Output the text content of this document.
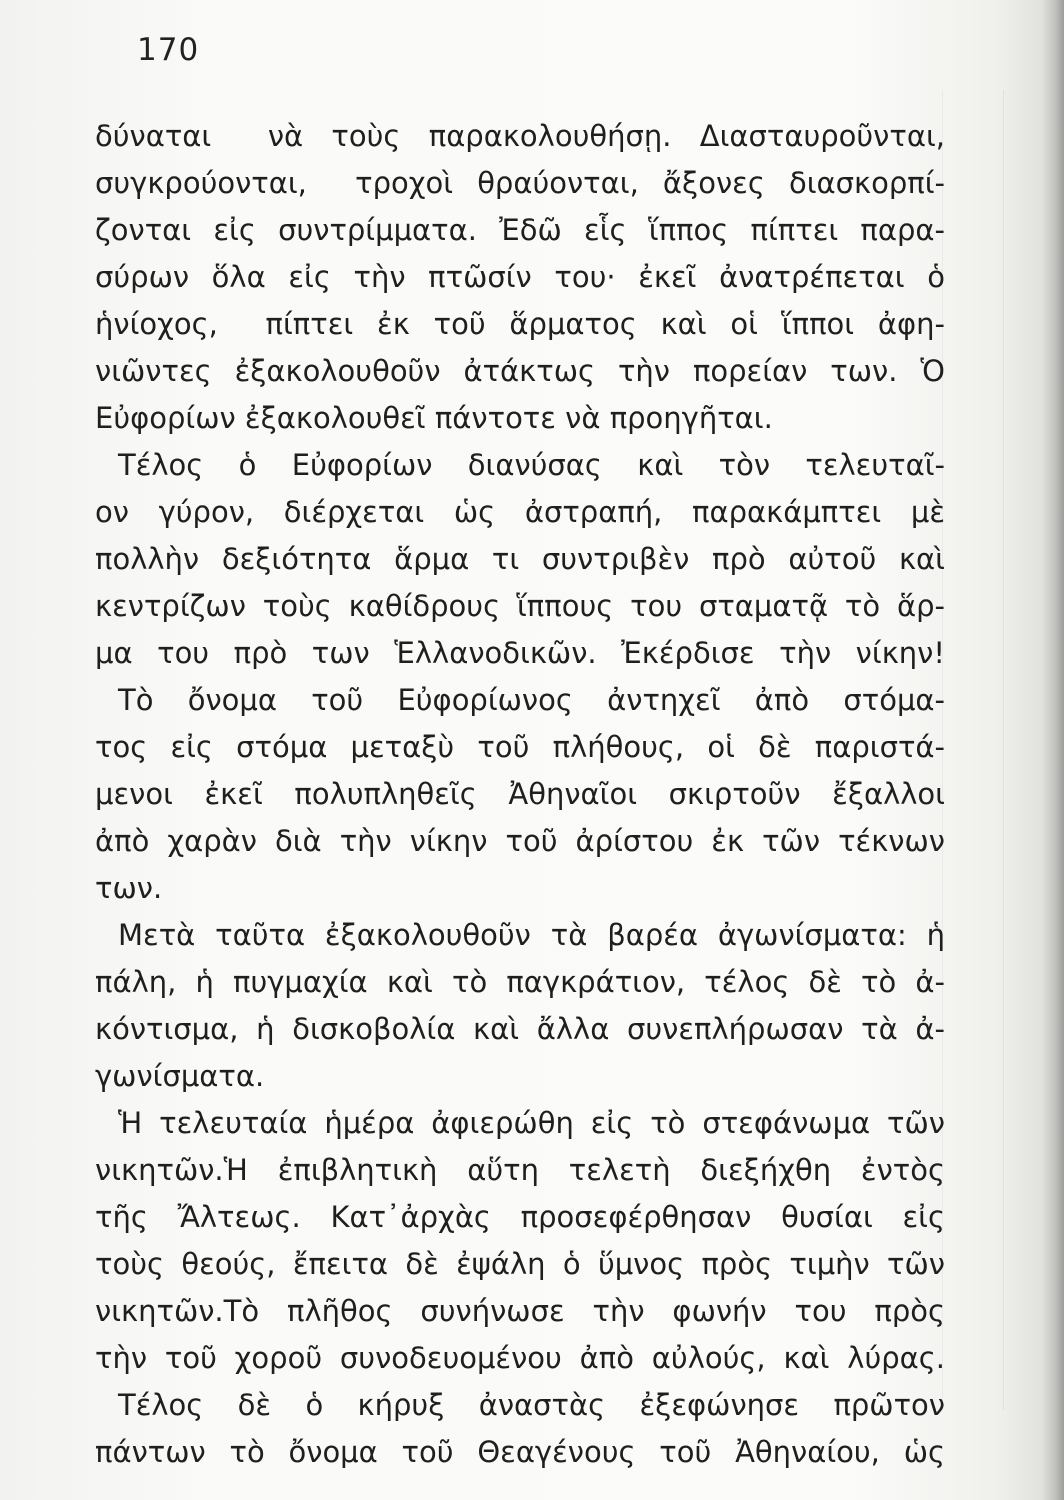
170
δύναται  νὰ τοὺς παρακολουθήσῃ. Διασταυροῦνται,
συγκρούονται,  τροχοὶ θραύονται, ἄξονες διασκορπί-
ζονται εἰς συντρίμματα. Ἐδῶ εἷς ἵππος πίπτει παρα-
σύρων ὅλα εἰς τὴν πτῶσίν του· ἐκεῖ ἀνατρέπεται ὁ
ἡνίοχος,  πίπτει ἐκ τοῦ ἅρματος καὶ οἱ ἵπποι ἀφη-
νιῶντες ἐξακολουθοῦν ἀτάκτως τὴν πορείαν των. Ὁ
Εὐφορίων ἐξακολουθεῖ πάντοτε νὰ προηγῆται.
Τέλος ὁ Εὐφορίων διανύσας καὶ τὸν τελευταῖ-
ον γύρον, διέρχεται ὡς ἀστραπή, παρακάμπτει μὲ
πολλὴν δεξιότητα ἅρμα τι συντριβὲν πρὸ αὐτοῦ καὶ
κεντρίζων τοὺς καθίδρους ἵππους του σταματᾷ τὸ ἅρ-
μα του πρὸ των Ἑλλανοδικῶν. Ἐκέρδισε τὴν νίκην!
Τὸ ὄνομα τοῦ Εὐφορίωνος ἀντηχεῖ ἀπὸ στόμα-
τος εἰς στόμα μεταξὺ τοῦ πλήθους, οἱ δὲ παριστά-
μενοι ἐκεῖ πολυπληθεῖς Ἀθηναῖοι σκιρτοῦν ἔξαλλοι
ἀπὸ χαρὰν διὰ τὴν νίκην τοῦ ἀρίστου ἐκ τῶν τέκνων
των.
Μετὰ ταῦτα ἐξακολουθοῦν τὰ βαρέα ἀγωνίσματα: ἡ
πάλη, ἡ πυγμαχία καὶ τὸ παγκράτιον, τέλος δὲ τὸ ἀ-
κόντισμα, ἡ δισκοβολία καὶ ἄλλα συνεπλήρωσαν τὰ ἀ-
γωνίσματα.
Ἡ τελευταία ἡμέρα ἀφιερώθη εἰς τὸ στεφάνωμα τῶν
νικητῶν.Ἡ ἐπιβλητικὴ αὕτη τελετὴ διεξήχθη ἐντὸς
τῆς Ἄλτεως. Κατ᾽ἀρχὰς προσεφέρθησαν θυσίαι εἰς
τοὺς θεούς, ἔπειτα δὲ ἐψάλη ὁ ὕμνος πρὸς τιμὴν τῶν
νικητῶν.Τὸ πλῆθος συνήνωσε τὴν φωνήν του πρὸς
τὴν τοῦ χοροῦ συνοδευομένου ἀπὸ αὐλούς, καὶ λύρας.
Τέλος δὲ ὁ κήρυξ ἀναστὰς ἐξεφώνησε πρῶτον
πάντων τὸ ὄνομα τοῦ Θεαγένους τοῦ Ἀθηναίου, ὡς
